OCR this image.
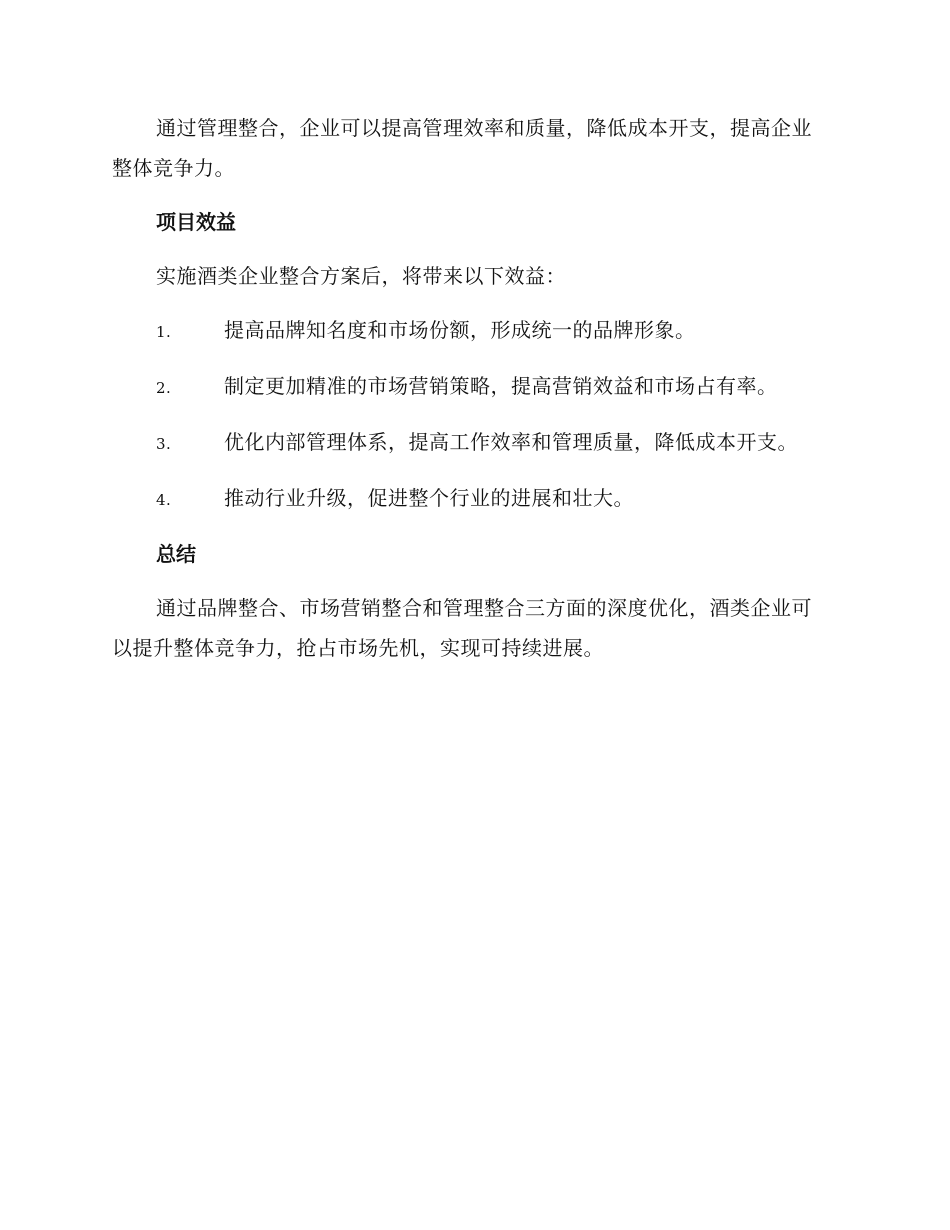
通过管理整合，企业可以提高管理效率和质量，降低成本开支，提高企业整体竞争力。

项目效益
实施酒类企业整合方案后，将带来以下效益：
1.	提高品牌知名度和市场份额，形成统一的品牌形象。
2.	制定更加精准的市场营销策略，提高营销效益和市场占有率。
3.	优化内部管理体系，提高工作效率和管理质量，降低成本开支。
4.	推动行业升级，促进整个行业的进展和壮大。
总结

通过品牌整合、市场营销整合和管理整合三方面的深度优化，酒类企业可以提升整体竞争力，抢占市场先机，实现可持续进展。
